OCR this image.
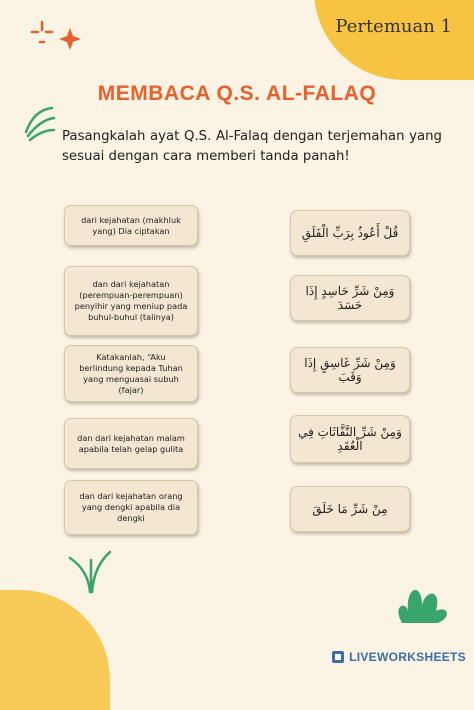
Pertemuan 1
MEMBACA Q.S. AL-FALAQ
Pasangkalah ayat Q.S. Al-Falaq dengan terjemahan yang sesuai dengan cara memberi tanda panah!
dari kejahatan (makhluk yang) Dia ciptakan
dan dari kejahatan (perempuan-perempuan) penyihir yang meniup pada buhul-buhul (talinya)
Katakanlah, “Aku berlindung kepada Tuhan yang menguasai subuh (fajar)
dan dari kejahatan malam apabila telah gelap gulita
dan dari kejahatan orang yang dengki apabila dia dengki
قُلْ أَعُوذُ بِرَبِّ الْفَلَقِ
وَمِنْ شَرِّ حَاسِدٍ إِذَا حَسَدَ
وَمِنْ شَرِّ غَاسِقٍ إِذَا وَقَبَ
وَمِنْ شَرِّ النَّفَّاثَاتِ فِي الْعُقَدِ
مِنْ شَرِّ مَا خَلَقَ
LIVEWORKSHEETS
